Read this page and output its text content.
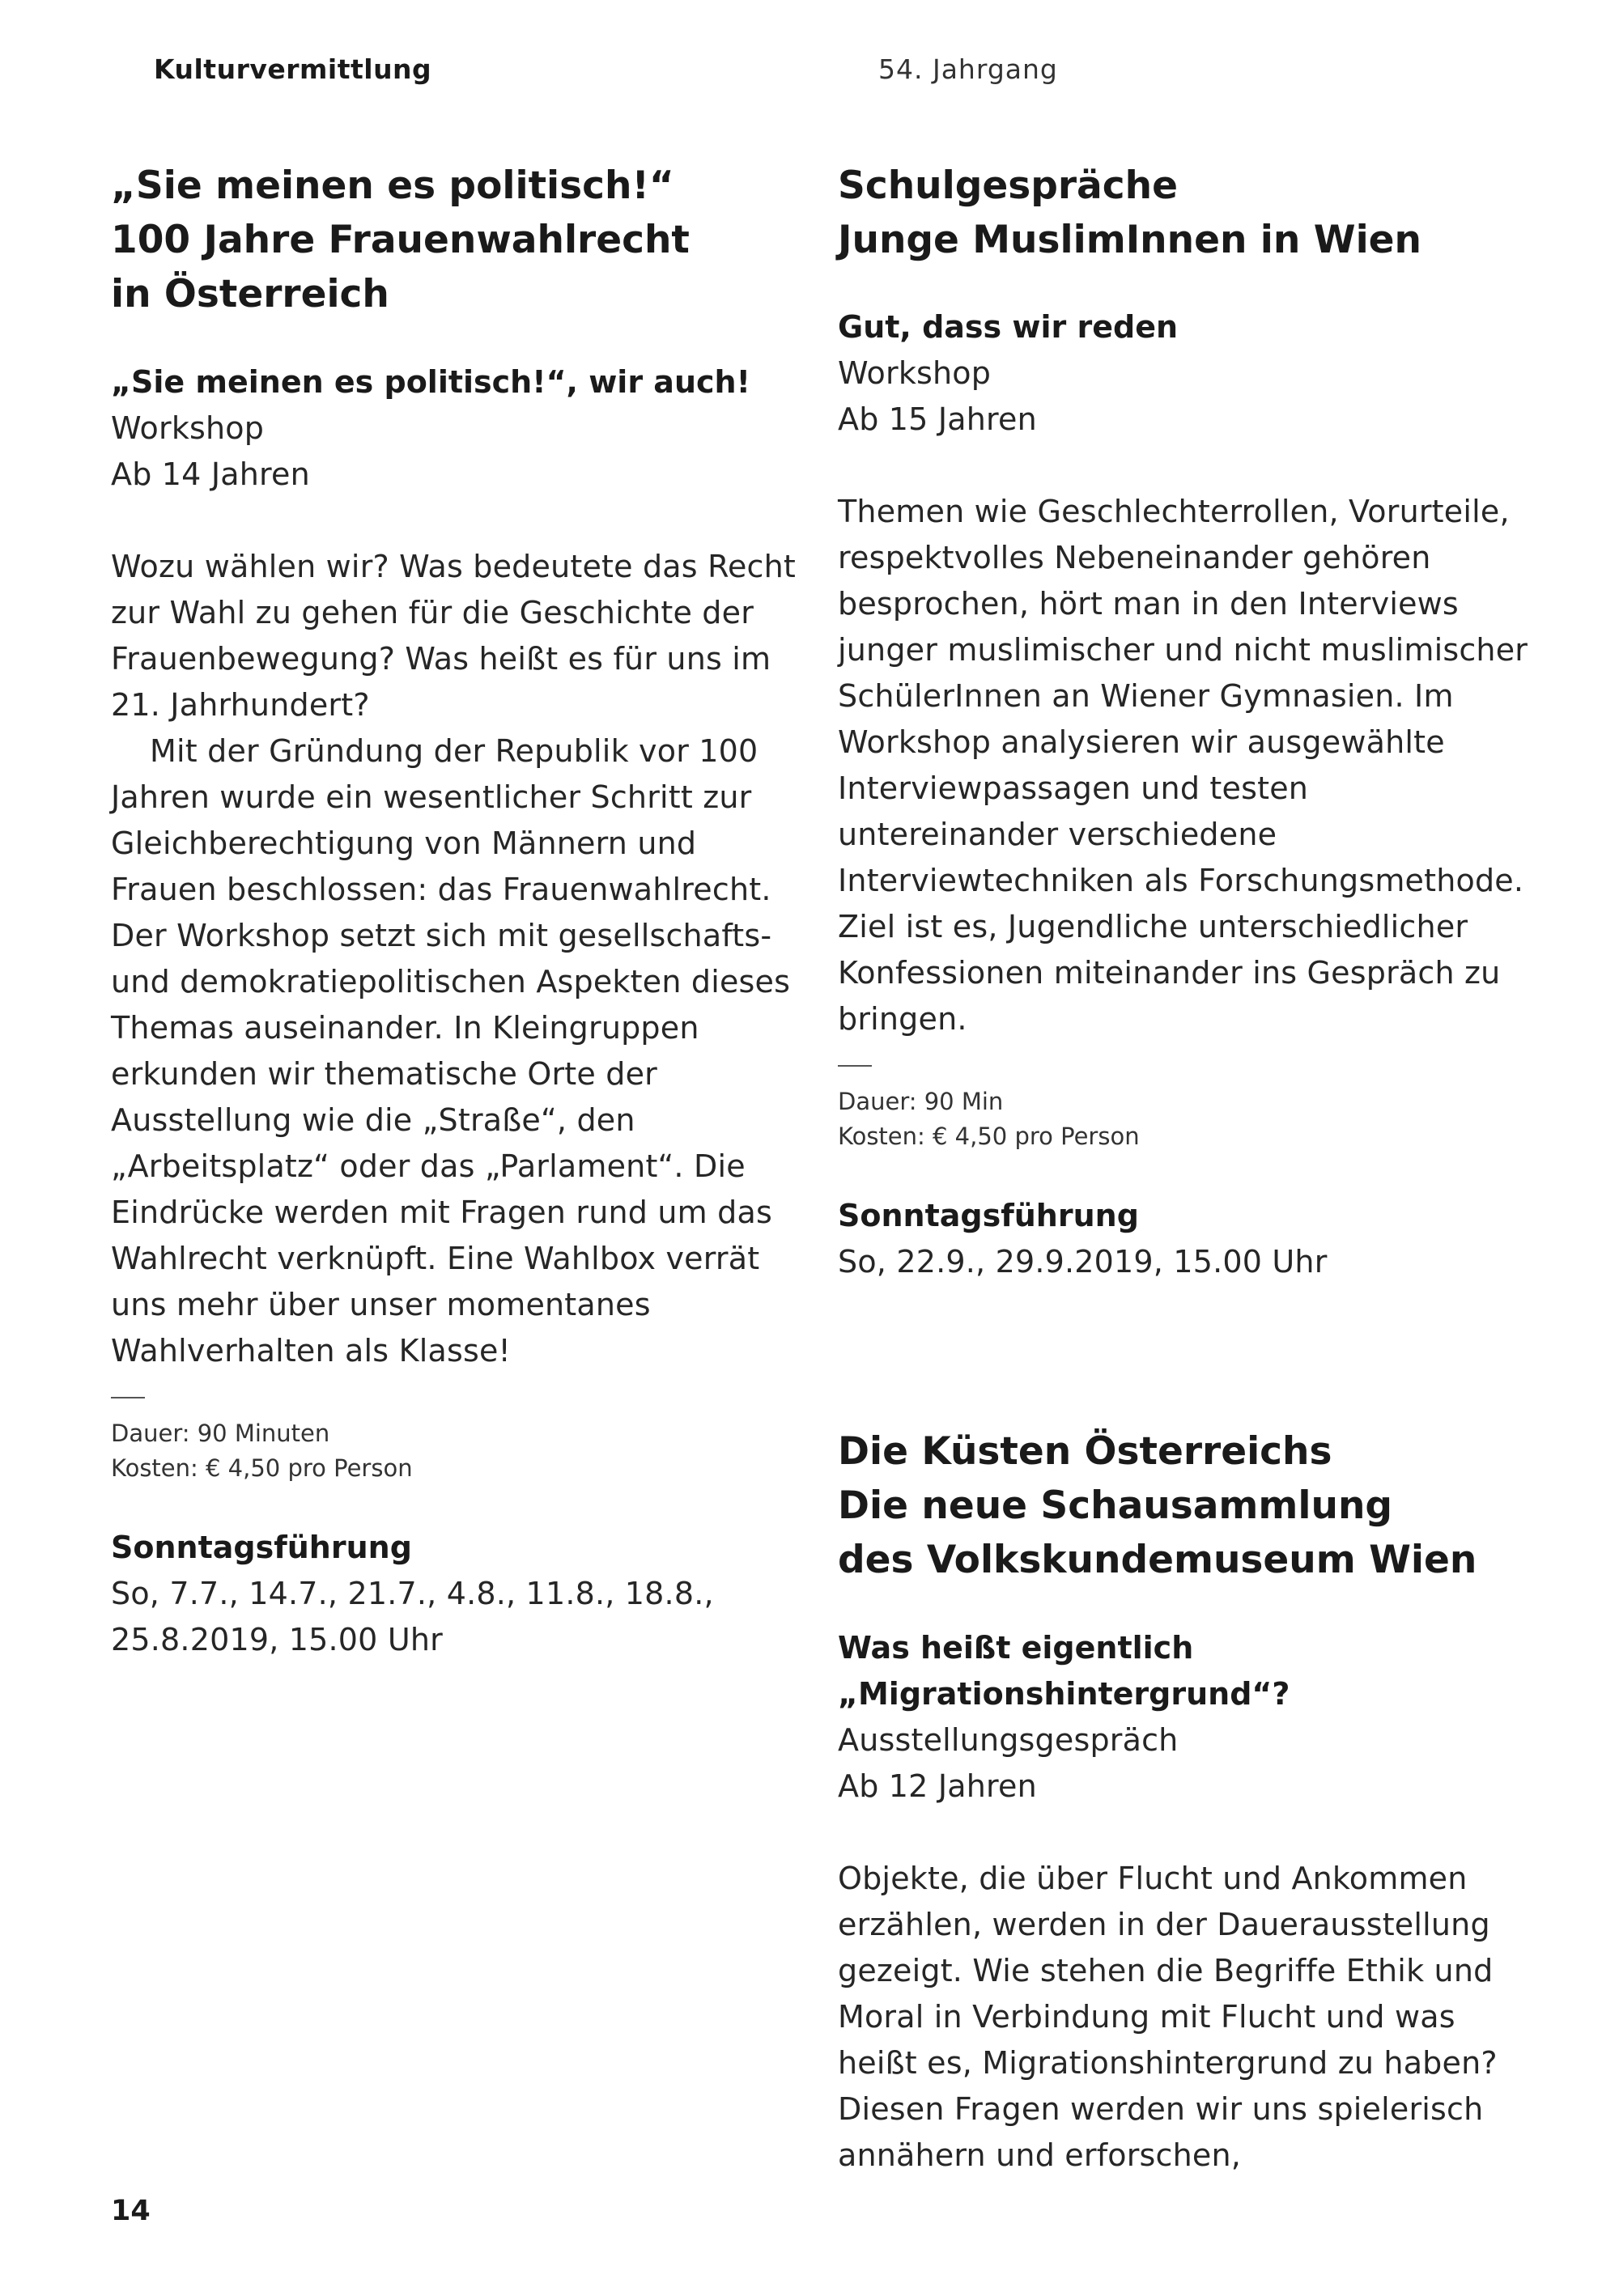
Kulturvermittlung	54. Jahrgang
„Sie meinen es politisch!“
100 Jahre Frauenwahlrecht
in Österreich
„Sie meinen es politisch!“, wir auch!
Workshop
Ab 14 Jahren

Wozu wählen wir? Was bedeutete das Recht zur Wahl zu gehen für die Geschichte der Frauenbewegung? Was heißt es für uns im 21. Jahrhundert?

Mit der Gründung der Republik vor 100 Jahren wurde ein wesentlicher Schritt zur Gleichberechtigung von Männern und Frauen beschlossen: das Frauenwahlrecht. Der Workshop setzt sich mit gesellschafts- und demokratiepolitischen Aspekten dieses Themas auseinander. In Kleingruppen erkunden wir thematische Orte der Ausstellung wie die „Straße“, den „Arbeitsplatz“ oder das „Parlament“. Die Eindrücke werden mit Fragen rund um das Wahlrecht verknüpft. Eine Wahlbox verrät uns mehr über unser momentanes Wahlverhalten als Klasse!

Dauer: 90 Minuten
Kosten: € 4,50 pro Person
Sonntagsführung
So, 7.7., 14.7., 21.7., 4.8., 11.8., 18.8.,
25.8.2019, 15.00 Uhr
Schulgespräche
Junge MuslimInnen in Wien
Gut, dass wir reden
Workshop
Ab 15 Jahren

Themen wie Geschlechterrollen, Vorurteile, respektvolles Nebeneinander gehören besprochen, hört man in den Interviews junger muslimischer und nicht muslimischer SchülerInnen an Wiener Gymnasien. Im Workshop analysieren wir ausgewählte Interviewpassagen und testen untereinander verschiedene Interviewtechniken als Forschungsmethode. Ziel ist es, Jugendliche unterschiedlicher Konfessionen miteinander ins Gespräch zu bringen.

Dauer: 90 Min
Kosten: € 4,50 pro Person
Sonntagsführung
So, 22.9., 29.9.2019, 15.00 Uhr
Die Küsten Österreichs
Die neue Schausammlung
des Volkskundemuseum Wien
Was heißt eigentlich
„Migrationshintergrund“?
Ausstellungsgespräch
Ab 12 Jahren

Objekte, die über Flucht und Ankommen erzählen, werden in der Dauerausstellung gezeigt. Wie stehen die Begriffe Ethik und Moral in Verbindung mit Flucht und was heißt es, Migrationshintergrund zu haben? Diesen Fragen werden wir uns spielerisch annähern und erforschen,

14
